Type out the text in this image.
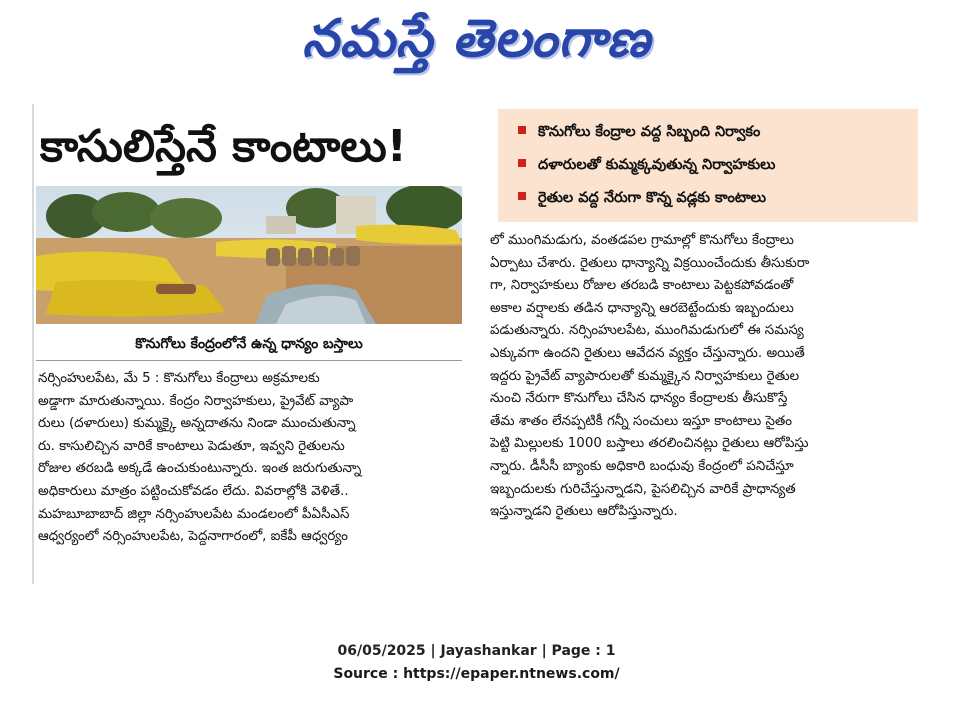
నమస్తే తెలంగాణ
కాసులిస్తేనే కాంటాలు!
కొనుగోలు కేంద్రంలోనే ఉన్న ధాన్యం బస్తాలు
కొనుగోలు కేంద్రాల వద్ద సిబ్బంది నిర్వాకం
దళారులతో కుమ్మక్కవుతున్న నిర్వాహకులు
రైతుల వద్ద నేరుగా కొన్న వడ్లకు కాంటాలు
నర్సింహులపేట, మే 5 : కొనుగోలు కేంద్రాలు అక్రమాలకు
అడ్డాగా మారుతున్నాయి. కేంద్రం నిర్వాహకులు, ప్రైవేట్ వ్యాపా
రులు (దళారులు) కుమ్మక్కై అన్నదాతను నిండా ముంచుతున్నా
రు. కాసులిచ్చిన వారికే కాంటాలు పెడుతూ, ఇవ్వని రైతులను
రోజుల తరబడి అక్కడే ఉంచుకుంటున్నారు. ఇంత జరుగుతున్నా
అధికారులు మాత్రం పట్టించుకోవడం లేదు. వివరాల్లోకి వెళితే..
మహబూబాబాద్ జిల్లా నర్సింహులపేట మండలంలో పీఏసీఎస్
ఆధ్వర్యంలో నర్సింహులపేట, పెద్దనాగారంలో, ఐకేపీ ఆధ్వర్యం
లో ముంగిమడుగు, వంతడపల గ్రామాల్లో కొనుగోలు కేంద్రాలు
ఏర్పాటు చేశారు. రైతులు ధాన్యాన్ని విక్రయించేందుకు తీసుకురా
గా, నిర్వాహకులు రోజుల తరబడి కాంటాలు పెట్టకపోవడంతో
అకాల వర్షాలకు తడిన ధాన్యాన్ని ఆరబెట్టేందుకు ఇబ్బందులు
పడుతున్నారు. నర్సింహులపేట, ముంగిమడుగులో ఈ సమస్య
ఎక్కువగా ఉందని రైతులు ఆవేదన వ్యక్తం చేస్తున్నారు. అయితే
ఇద్దరు ప్రైవేట్ వ్యాపారులతో కుమ్మక్కైన నిర్వాహకులు రైతుల
నుంచి నేరుగా కొనుగోలు చేసిన ధాన్యం కేంద్రాలకు తీసుకొస్తే
తేమ శాతం లేనప్పటికీ గన్నీ సంచులు ఇస్తూ కాంటాలు సైతం
పెట్టి మిల్లులకు 1000 బస్తాలు తరలించినట్లు రైతులు ఆరోపిస్తు
న్నారు. డీసీసీ బ్యాంకు అధికారి బంధువు కేంద్రంలో పనిచేస్తూ
ఇబ్బందులకు గురిచేస్తున్నాడని, పైసలిచ్చిన వారికే ప్రాధాన్యత
ఇస్తున్నాడని రైతులు ఆరోపిస్తున్నారు.
06/05/2025 | Jayashankar | Page : 1
Source : https://epaper.ntnews.com/
